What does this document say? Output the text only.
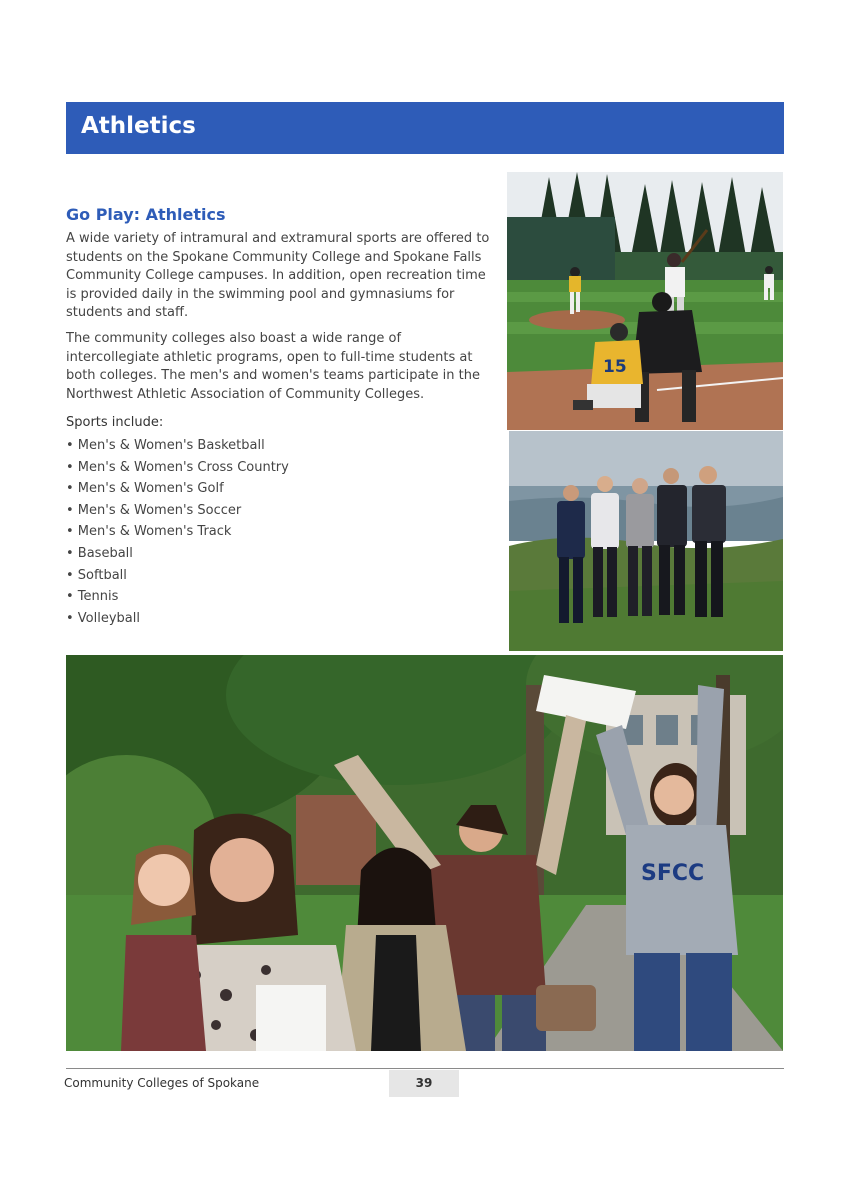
Athletics
Go Play: Athletics

A wide variety of intramural and extramural sports are offered to students on the Spokane Community College and Spokane Falls Community College campuses. In addition, open recreation time is provided daily in the swimming pool and gymnasiums for students and staff.

The community colleges also boast a wide range of intercollegiate athletic programs, open to full-time students at both colleges. The men's and women's teams participate in the Northwest Athletic Association of Community Colleges.

Sports include:

• Men's & Women's Basketball
• Men's & Women's Cross Country
• Men's & Women's Golf
• Men's & Women's Soccer
• Men's & Women's Track
• Baseball
• Softball
• Tennis
• Volleyball
15
SFCC
Community Colleges of Spokane	39
